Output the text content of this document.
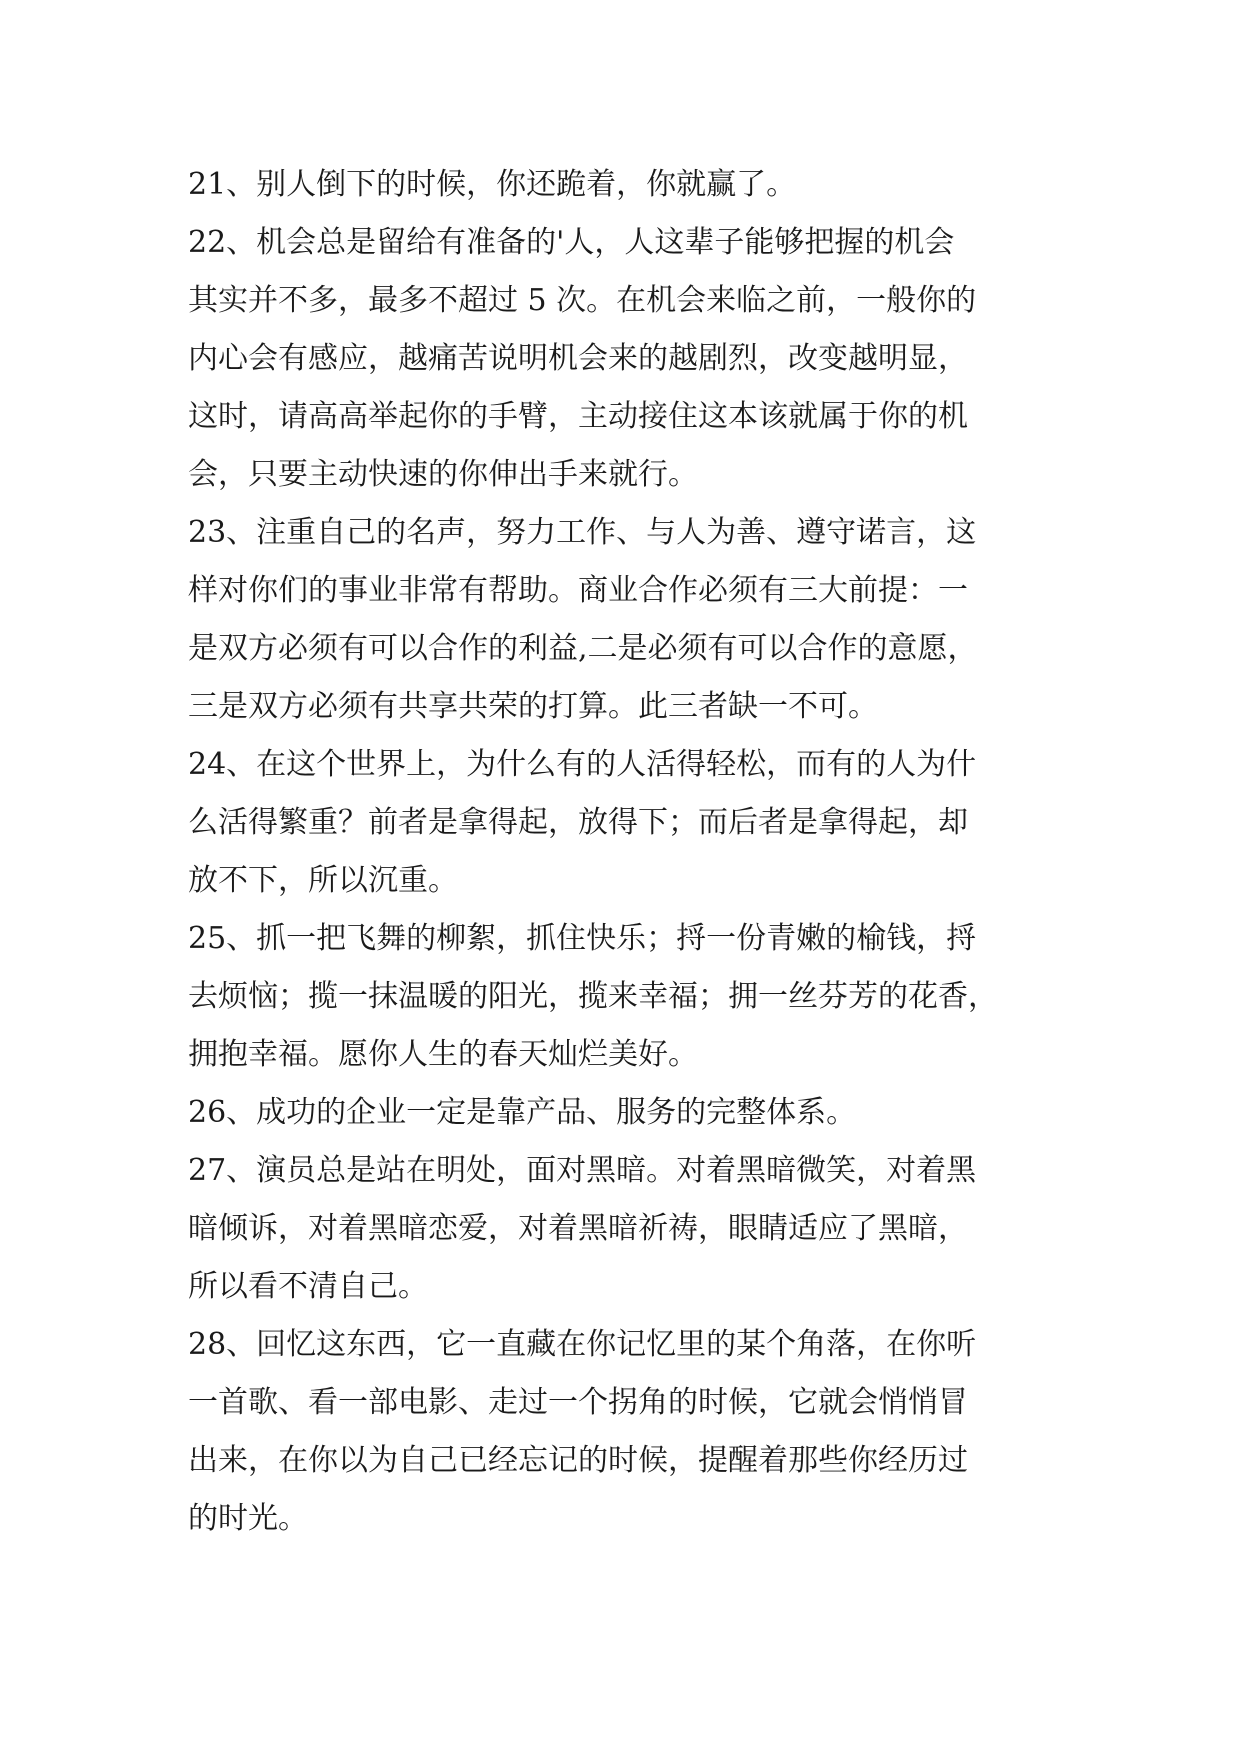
21、别人倒下的时候，你还跪着，你就赢了。
22、机会总是留给有准备的'人，人这辈子能够把握的机会
其实并不多，最多不超过 5 次。在机会来临之前，一般你的
内心会有感应，越痛苦说明机会来的越剧烈，改变越明显，
这时，请高高举起你的手臂，主动接住这本该就属于你的机
会，只要主动快速的你伸出手来就行。
23、注重自己的名声，努力工作、与人为善、遵守诺言，这
样对你们的事业非常有帮助。商业合作必须有三大前提：一
是双方必须有可以合作的利益,二是必须有可以合作的意愿，
三是双方必须有共享共荣的打算。此三者缺一不可。
24、在这个世界上，为什么有的人活得轻松，而有的人为什
么活得繁重？前者是拿得起，放得下；而后者是拿得起，却
放不下，所以沉重。
25、抓一把飞舞的柳絮，抓住快乐；捋一份青嫩的榆钱，捋
去烦恼；揽一抹温暖的阳光，揽来幸福；拥一丝芬芳的花香，
拥抱幸福。愿你人生的春天灿烂美好。
26、成功的企业一定是靠产品、服务的完整体系。
27、演员总是站在明处，面对黑暗。对着黑暗微笑，对着黑
暗倾诉，对着黑暗恋爱，对着黑暗祈祷，眼睛适应了黑暗，
所以看不清自己。
28、回忆这东西，它一直藏在你记忆里的某个角落，在你听
一首歌、看一部电影、走过一个拐角的时候，它就会悄悄冒
出来，在你以为自己已经忘记的时候，提醒着那些你经历过
的时光。
